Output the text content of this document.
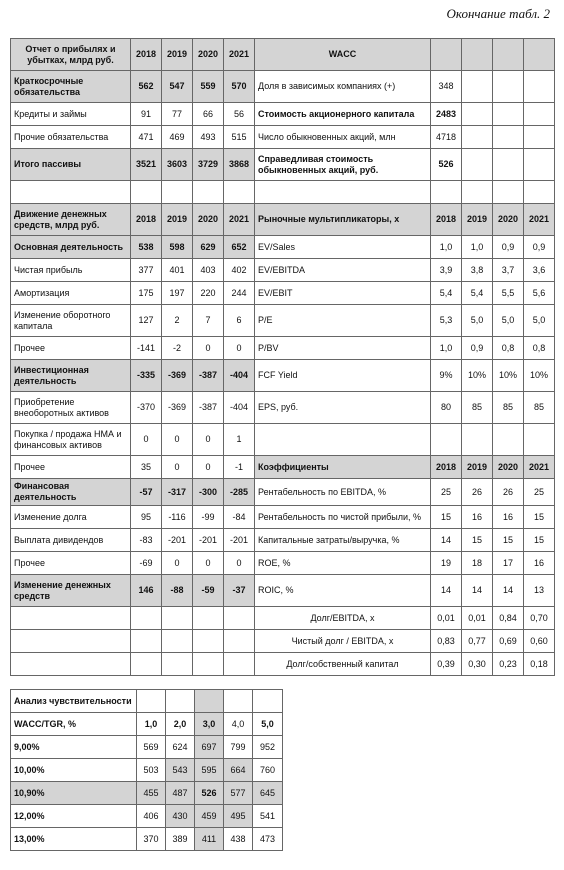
Окончание табл. 2
Отчет о прибылях и убытках, млрд руб.	2018	2019	2020	2021	WACC				
Краткосрочные обязательства	562	547	559	570	Доля в зависимых компаниях (+)	348			
Кредиты и займы	91	77	66	56	Стоимость акционерного капитала	2483			
Прочие обязательства	471	469	493	515	Число обыкновенных акций, млн	4718			
Итого пассивы	3521	3603	3729	3868	Справедливая стоимость обыкновенных акций, руб.	526			

Движение денежных средств, млрд руб.	2018	2019	2020	2021	Рыночные мультипликаторы, х	2018	2019	2020	2021
Основная деятельность	538	598	629	652	EV/Sales	1,0	1,0	0,9	0,9
Чистая прибыль	377	401	403	402	EV/EBITDA	3,9	3,8	3,7	3,6
Амортизация	175	197	220	244	EV/EBIT	5,4	5,4	5,5	5,6
Изменение оборотного капитала	127	2	7	6	P/E	5,3	5,0	5,0	5,0
Прочее	-141	-2	0	0	P/BV	1,0	0,9	0,8	0,8
Инвестиционная деятельность	-335	-369	-387	-404	FCF Yield	9%	10%	10%	10%
Приобретение внеоборотных активов	-370	-369	-387	-404	EPS, руб.	80	85	85	85
Покупка / продажа НМА и финансовых активов	0	0	0	1					
Прочее	35	0	0	-1	Коэффициенты	2018	2019	2020	2021
Финансовая деятельность	-57	-317	-300	-285	Рентабельность по EBITDA, %	25	26	26	25
Изменение долга	95	-116	-99	-84	Рентабельность по чистой прибыли, %	15	16	16	15
Выплата дивидендов	-83	-201	-201	-201	Капитальные затраты/выручка, %	14	15	15	15
Прочее	-69	0	0	0	ROE, %	19	18	17	16
Изменение денежных средств	146	-88	-59	-37	ROIC, %	14	14	14	13
					Долг/EBITDA, x	0,01	0,01	0,84	0,70
					Чистый долг / EBITDA, x	0,83	0,77	0,69	0,60
					Долг/собственный капитал	0,39	0,30	0,23	0,18
Анализ чувствительности					
WACC/TGR, %	1,0	2,0	3,0	4,0	5,0
9,00%	569	624	697	799	952
10,00%	503	543	595	664	760
10,90%	455	487	526	577	645
12,00%	406	430	459	495	541
13,00%	370	389	411	438	473
